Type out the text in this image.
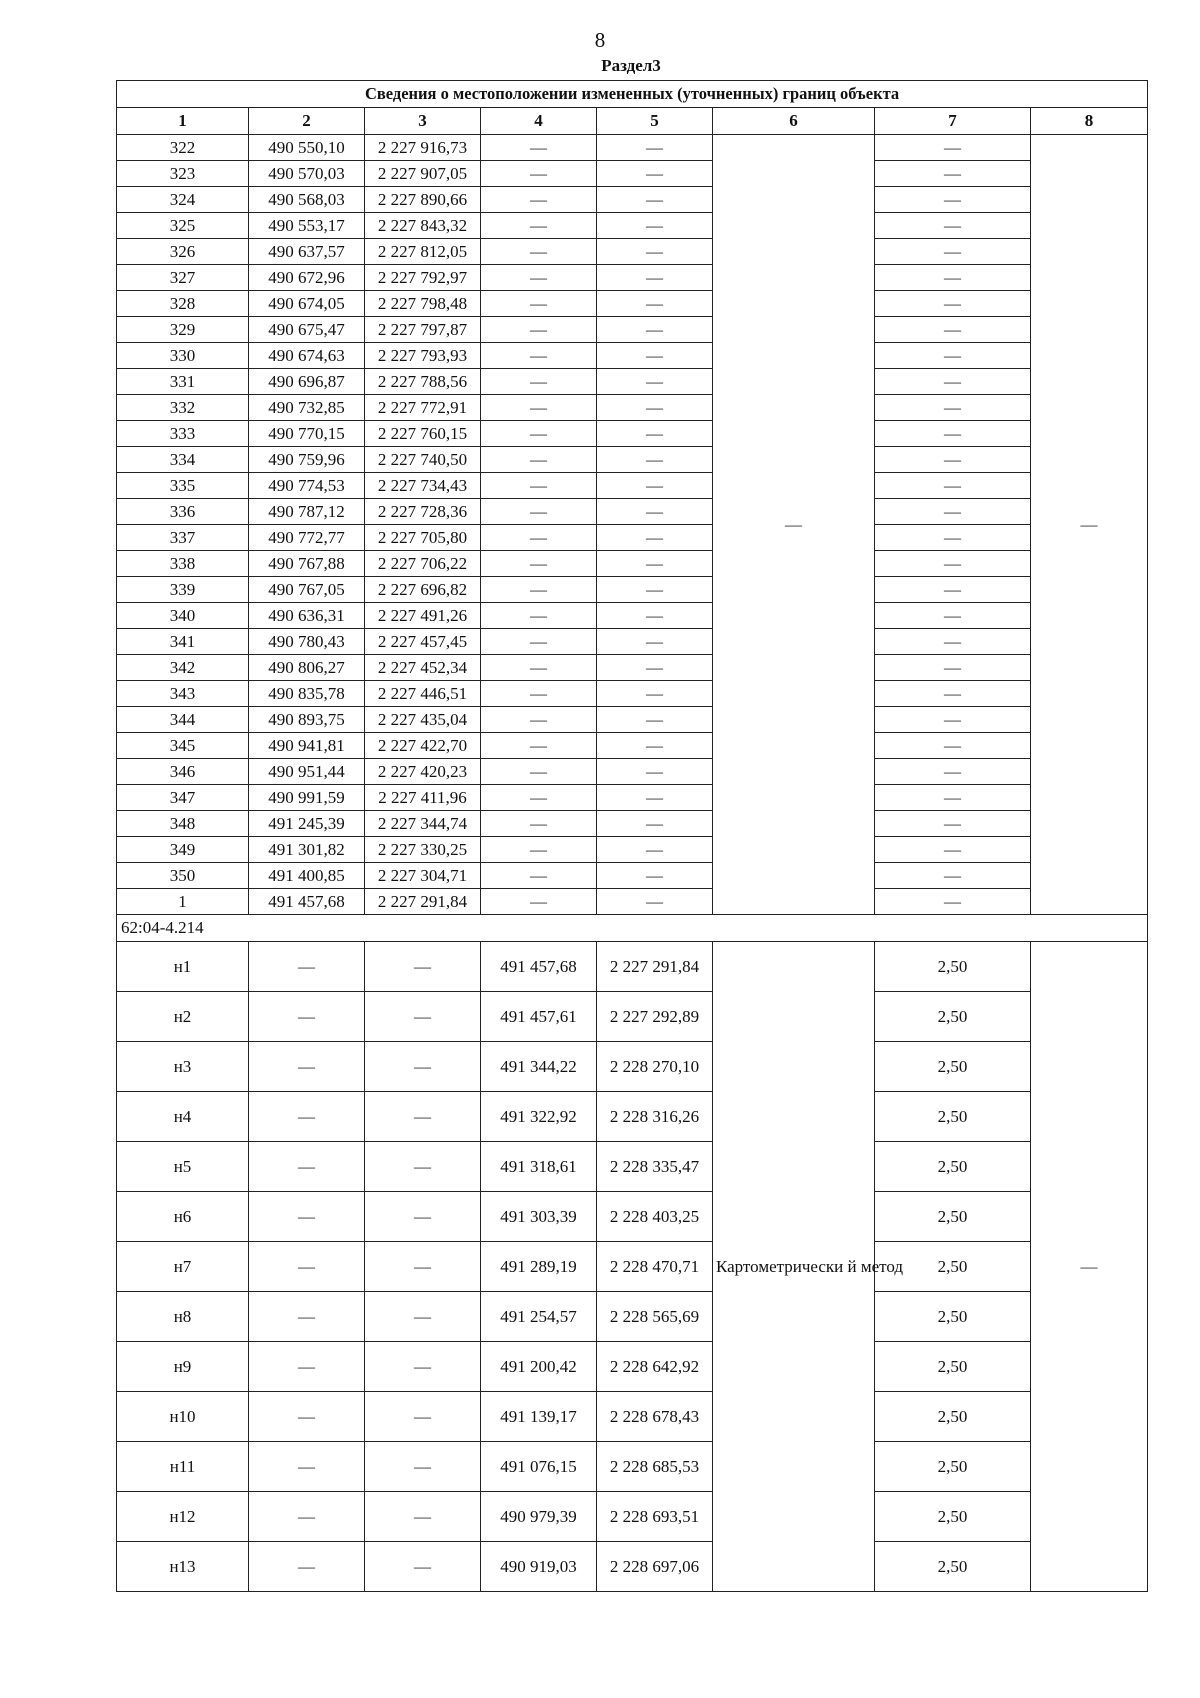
8
Раздел3
Сведения о местоположении измененных (уточненных) границ объекта							
1	2	3	4	5	6	7	8
322	490 550,10	2 227 916,73	—	—	—	—	—
323	490 570,03	2 227 907,05	—	—		—	
324	490 568,03	2 227 890,66	—	—		—	
325	490 553,17	2 227 843,32	—	—		—	
326	490 637,57	2 227 812,05	—	—		—	
327	490 672,96	2 227 792,97	—	—		—	
328	490 674,05	2 227 798,48	—	—		—	
329	490 675,47	2 227 797,87	—	—		—	
330	490 674,63	2 227 793,93	—	—		—	
331	490 696,87	2 227 788,56	—	—		—	
332	490 732,85	2 227 772,91	—	—		—	
333	490 770,15	2 227 760,15	—	—		—	
334	490 759,96	2 227 740,50	—	—		—	
335	490 774,53	2 227 734,43	—	—		—	
336	490 787,12	2 227 728,36	—	—		—	
337	490 772,77	2 227 705,80	—	—		—	
338	490 767,88	2 227 706,22	—	—		—	
339	490 767,05	2 227 696,82	—	—		—	
340	490 636,31	2 227 491,26	—	—		—	
341	490 780,43	2 227 457,45	—	—		—	
342	490 806,27	2 227 452,34	—	—		—	
343	490 835,78	2 227 446,51	—	—		—	
344	490 893,75	2 227 435,04	—	—		—	
345	490 941,81	2 227 422,70	—	—		—	
346	490 951,44	2 227 420,23	—	—		—	
347	490 991,59	2 227 411,96	—	—		—	
348	491 245,39	2 227 344,74	—	—		—	
349	491 301,82	2 227 330,25	—	—		—	
350	491 400,85	2 227 304,71	—	—		—	
1	491 457,68	2 227 291,84	—	—		—	
62:04-4.214							
н1	—	—	491 457,68	2 227 291,84	Картометрически й метод	2,50	—
н2	—	—	491 457,61	2 227 292,89		2,50	
н3	—	—	491 344,22	2 228 270,10		2,50	
н4	—	—	491 322,92	2 228 316,26		2,50	
н5	—	—	491 318,61	2 228 335,47		2,50	
н6	—	—	491 303,39	2 228 403,25		2,50	
н7	—	—	491 289,19	2 228 470,71		2,50	
н8	—	—	491 254,57	2 228 565,69		2,50	
н9	—	—	491 200,42	2 228 642,92		2,50	
н10	—	—	491 139,17	2 228 678,43		2,50	
н11	—	—	491 076,15	2 228 685,53		2,50	
н12	—	—	490 979,39	2 228 693,51		2,50	
н13	—	—	490 919,03	2 228 697,06		2,50	
